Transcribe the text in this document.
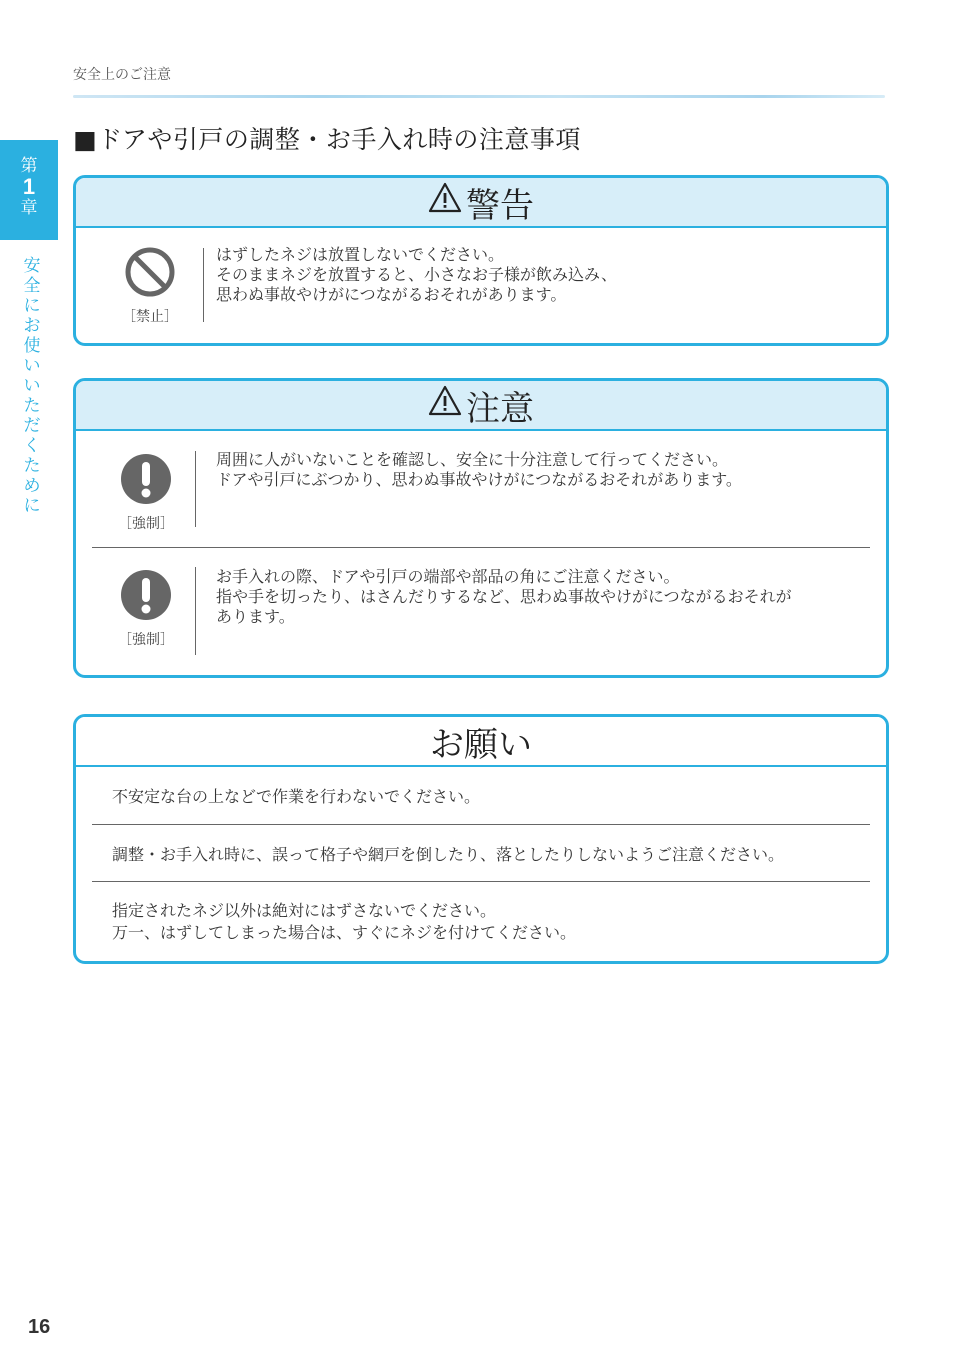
安全上のご注意
第
1
章
安全にお使いいただくために
■ドアや引戸の調整・お手入れ時の注意事項
警告
［禁止］
はずしたネジは放置しないでください。
そのままネジを放置すると、小さなお子様が飲み込み、
思わぬ事故やけがにつながるおそれがあります。
注意
［強制］
周囲に人がいないことを確認し、安全に十分注意して行ってください。
ドアや引戸にぶつかり、思わぬ事故やけがにつながるおそれがあります。
［強制］
お手入れの際、ドアや引戸の端部や部品の角にご注意ください。
指や手を切ったり、はさんだりするなど、思わぬ事故やけがにつながるおそれが
あります。
お願い
不安定な台の上などで作業を行わないでください。
調整・お手入れ時に、誤って格子や網戸を倒したり、落としたりしないようご注意ください。
指定されたネジ以外は絶対にはずさないでください。
万一、はずしてしまった場合は、すぐにネジを付けてください。
16
